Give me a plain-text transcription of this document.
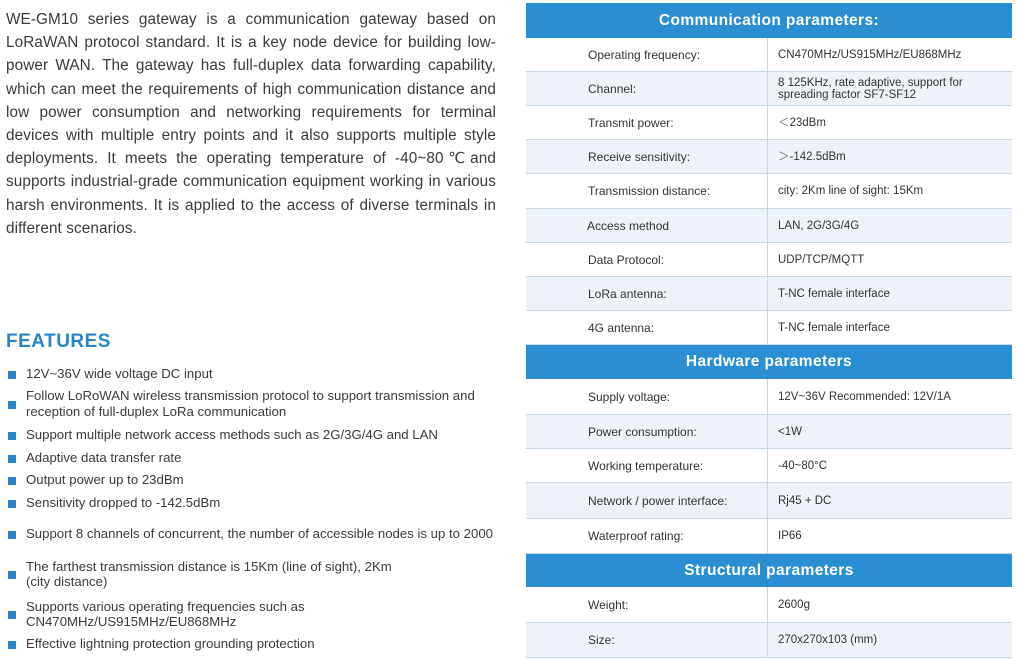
WE-GM10 series gateway is a communication gateway based on LoRaWAN protocol standard. It is a key node device for building low-power WAN. The gateway has full-duplex data forwarding capability, which can meet the requirements of high communication distance and low power consumption and networking requirements for terminal devices with multiple entry points and it also supports multiple style deployments. It meets the operating temperature of -40~80℃and supports industrial-grade communication equipment working in various harsh environments. It is applied to the access of diverse terminals in different scenarios.

FEATURES
12V~36V wide voltage DC input
Follow LoRoWAN wireless transmission protocol to support transmission and reception of full-duplex LoRa communication
Support multiple network access methods such as 2G/3G/4G and LAN
Adaptive data transfer rate
Output power up to 23dBm
Sensitivity dropped to -142.5dBm
Support 8 channels of concurrent, the number of accessible nodes is up to 2000
The farthest transmission distance is 15Km (line of sight), 2Km (city distance)
Supports various operating frequencies such as CN470MHz/US915MHz/EU868MHz
Effective lightning protection grounding protection
Communication parameters:
Operating frequency:	CN470MHz/US915MHz/EU868MHz
Channel:	8 125KHz, rate adaptive, support for spreading factor SF7-SF12
Transmit power:	＜23dBm
Receive sensitivity:	＞-142.5dBm
Transmission distance:	city: 2Km line of sight: 15Km
Access method	LAN, 2G/3G/4G
Data Protocol:	UDP/TCP/MQTT
LoRa antenna:	T-NC female interface
4G antenna:	T-NC female interface
Hardware parameters
Supply voltage:	12V~36V Recommended: 12V/1A
Power consumption:	<1W
Working temperature:	-40~80°C
Network / power interface:	Rj45 + DC
Waterproof rating:	IP66
Structural parameters
Weight:	2600g
Size:	270x270x103 (mm)
